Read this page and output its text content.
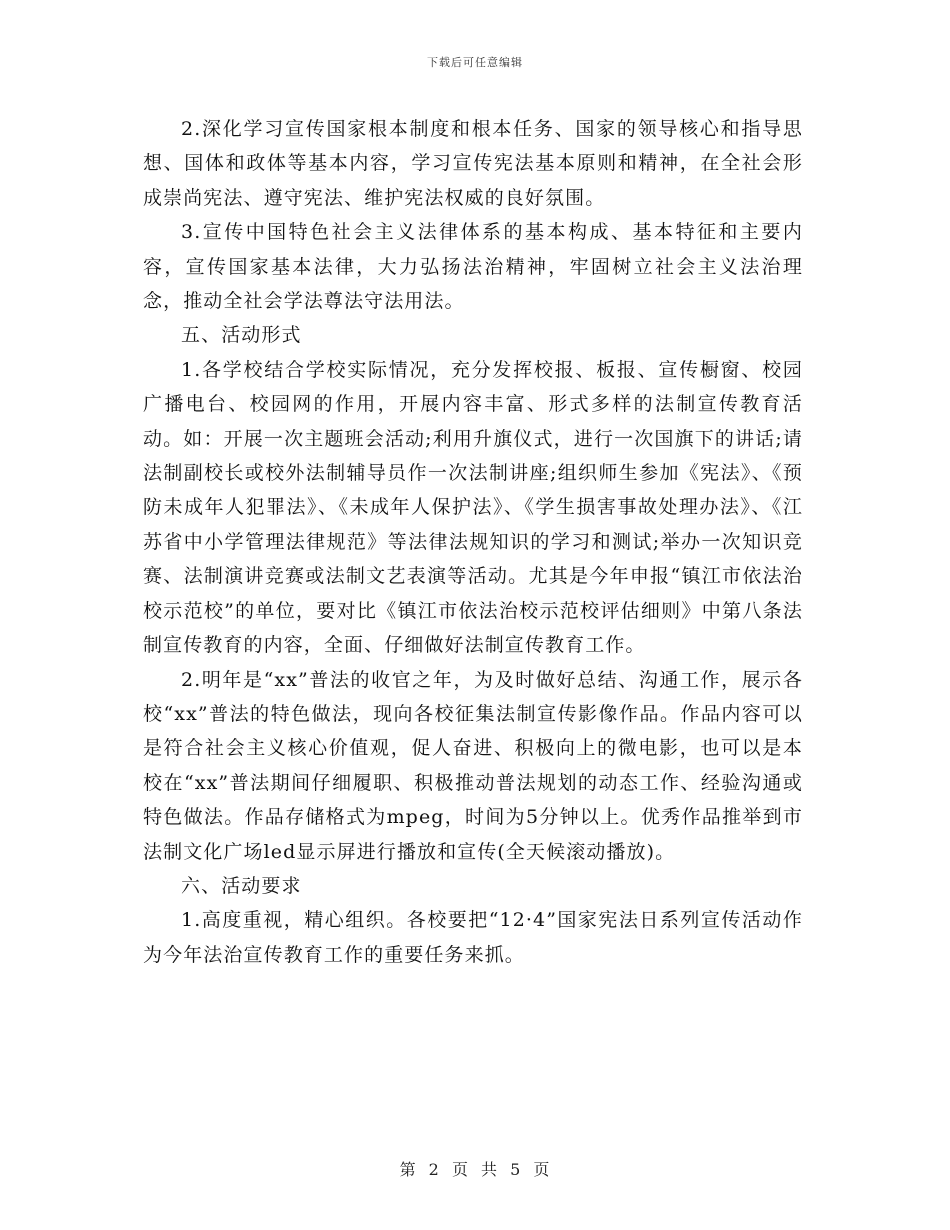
下载后可任意编辑

2.深化学习宣传国家根本制度和根本任务、国家的领导核心和指导思想、国体和政体等基本内容，学习宣传宪法基本原则和精神，在全社会形成崇尚宪法、遵守宪法、维护宪法权威的良好氛围。

3.宣传中国特色社会主义法律体系的基本构成、基本特征和主要内容，宣传国家基本法律，大力弘扬法治精神，牢固树立社会主义法治理念，推动全社会学法尊法守法用法。

五、活动形式

1.各学校结合学校实际情况，充分发挥校报、板报、宣传橱窗、校园广播电台、校园网的作用，开展内容丰富、形式多样的法制宣传教育活动。如：开展一次主题班会活动;利用升旗仪式，进行一次国旗下的讲话;请法制副校长或校外法制辅导员作一次法制讲座;组织师生参加《宪法》、《预防未成年人犯罪法》、《未成年人保护法》、《学生损害事故处理办法》、《江苏省中小学管理法律规范》等法律法规知识的学习和测试;举办一次知识竞赛、法制演讲竞赛或法制文艺表演等活动。尤其是今年申报“镇江市依法治校示范校”的单位，要对比《镇江市依法治校示范校评估细则》中第八条法制宣传教育的内容，全面、仔细做好法制宣传教育工作。

2.明年是“xx”普法的收官之年，为及时做好总结、沟通工作，展示各校“xx”普法的特色做法，现向各校征集法制宣传影像作品。作品内容可以是符合社会主义核心价值观，促人奋进、积极向上的微电影，也可以是本校在“xx”普法期间仔细履职、积极推动普法规划的动态工作、经验沟通或特色做法。作品存储格式为mpeg，时间为5分钟以上。优秀作品推举到市法制文化广场led显示屏进行播放和宣传(全天候滚动播放)。

六、活动要求

1.高度重视，精心组织。各校要把“12·4”国家宪法日系列宣传活动作为今年法治宣传教育工作的重要任务来抓。

第 2 页 共 5 页
